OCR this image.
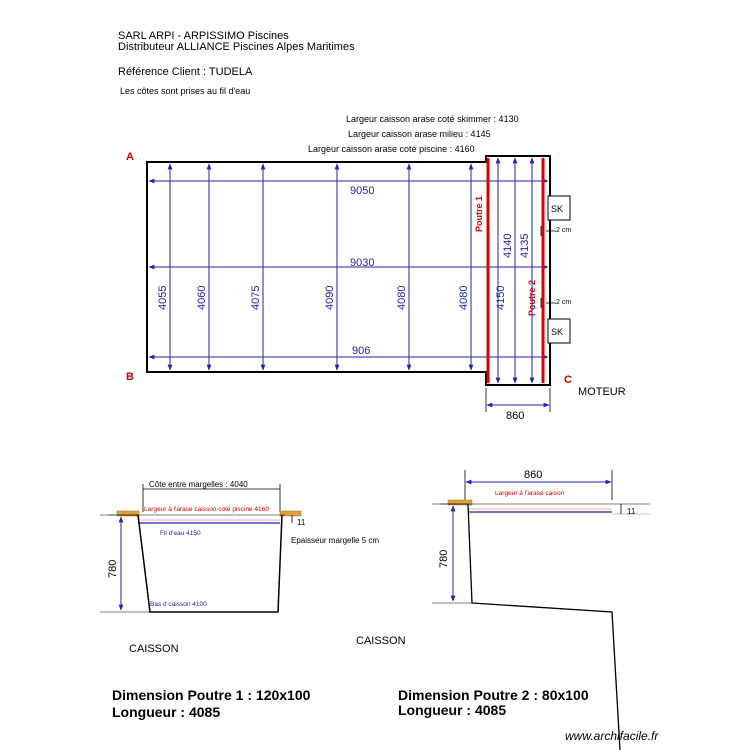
SARL ARPI - ARPISSIMO Piscines
Distributeur ALLIANCE Piscines Alpes Maritimes
Référence Client : TUDELA
Les côtes sont prises au fil d'eau
Largeur caisson arase coté skimmer : 4130
Largeur caisson arase milieu : 4145
Largeur caisson arase coté piscine : 4160
A
B	C
9050
9030
906
4055 4060	4075	4090	4080	4080
Poutre 1
Poutre 2
4150
4140 4135
SK
SK
2 cm
2 cm
860
MOTEUR
Côte entre margelles : 4040
Largeur à l'arase caisson coté piscine 4160
Fil d'eau 4150
Bas d caisson 4100
780
11
Epaisseur margelle 5 cm
CAISSON
860
Largeur à l'arase caison
11
780
CAISSON
Dimension Poutre 1 : 120x100
Longueur : 4085
Dimension Poutre 2 : 80x100
Longueur : 4085
www.archifacile.fr
